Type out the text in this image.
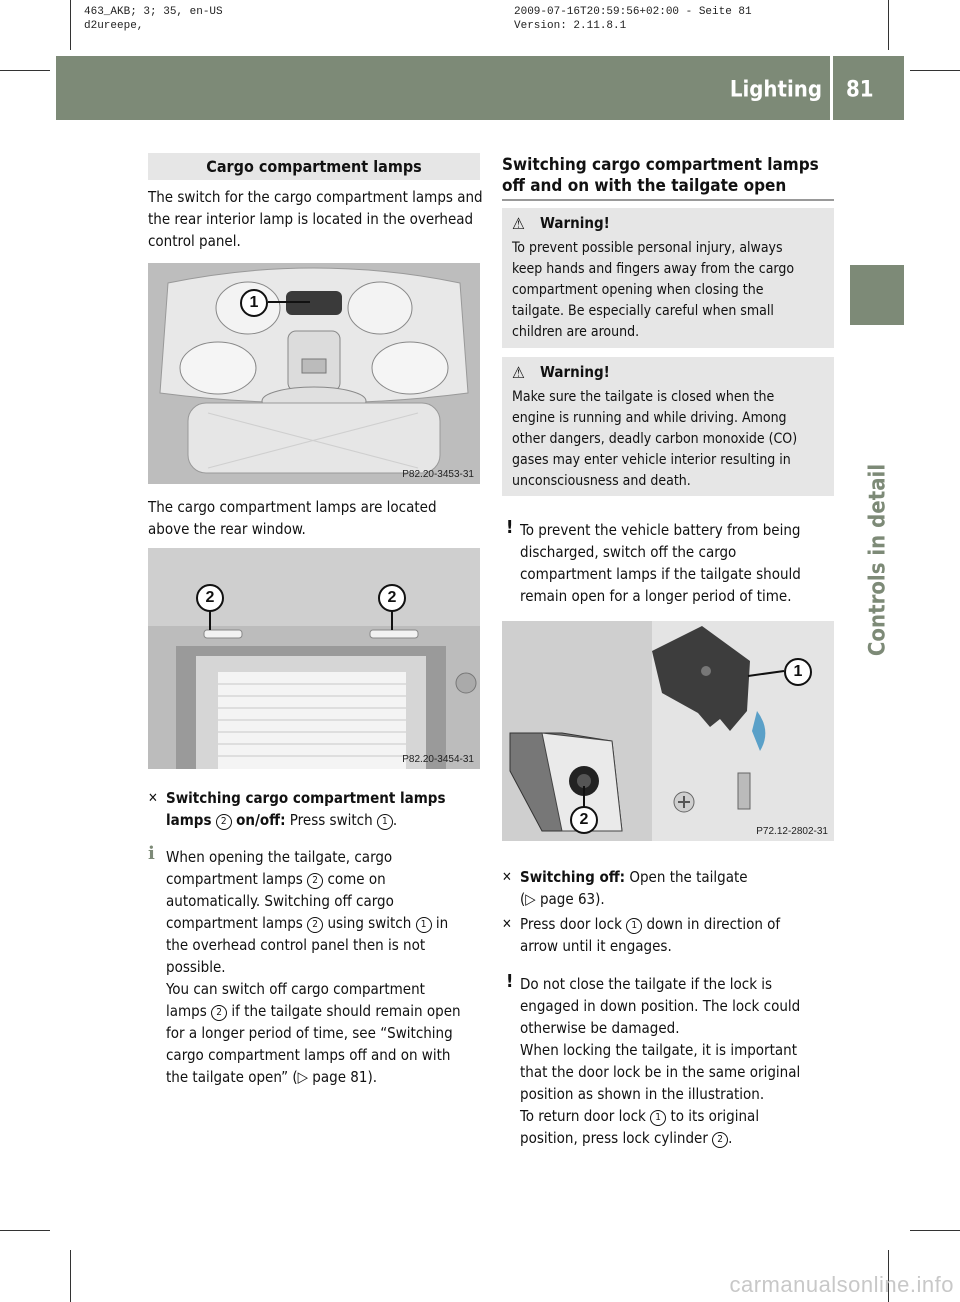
463_AKB; 3; 35, en-US
d2ureepe,
2009-07-16T20:59:56+02:00 - Seite 81
Version: 2.11.8.1
Lighting 81
Controls in detail
Cargo compartment lamps
The switch for the cargo compartment lamps and the rear interior lamp is located in the overhead control panel.
1
P82.20-3453-31
The cargo compartment lamps are located above the rear window.
2	2
P82.20-3454-31
✕ Switching cargo compartment lamps
lamps 2 on/off: Press switch 1 .
i When opening the tailgate, cargo
compartment lamps 2 come on
automatically. Switching off cargo
compartment lamps 2 using switch 1 in
the overhead control panel then is not
possible.
You can switch off cargo compartment
lamps 2 if the tailgate should remain open
for a longer period of time, see “Switching
cargo compartment lamps off and on with
the tailgate open” (▷ page 81).
Switching cargo compartment lamps
off and on with the tailgate open
⚠ Warning!
To prevent possible personal injury, always
keep hands and fingers away from the cargo
compartment opening when closing the
tailgate. Be especially careful when small
children are around.
⚠ Warning!
Make sure the tailgate is closed when the
engine is running and while driving. Among
other dangers, deadly carbon monoxide (CO)
gases may enter vehicle interior resulting in
unconsciousness and death.
! To prevent the vehicle battery from being
discharged, switch off the cargo
compartment lamps if the tailgate should
remain open for a longer period of time.
1
2
P72.12-2802-31
✕ Switching off: Open the tailgate
(▷ page 63).
✕ Press door lock 1 down in direction of
arrow until it engages.
! Do not close the tailgate if the lock is
engaged in down position. The lock could
otherwise be damaged.
When locking the tailgate, it is important
that the door lock be in the same original
position as shown in the illustration.
To return door lock 1 to its original
position, press lock cylinder 2 .
carmanualsonline.info
